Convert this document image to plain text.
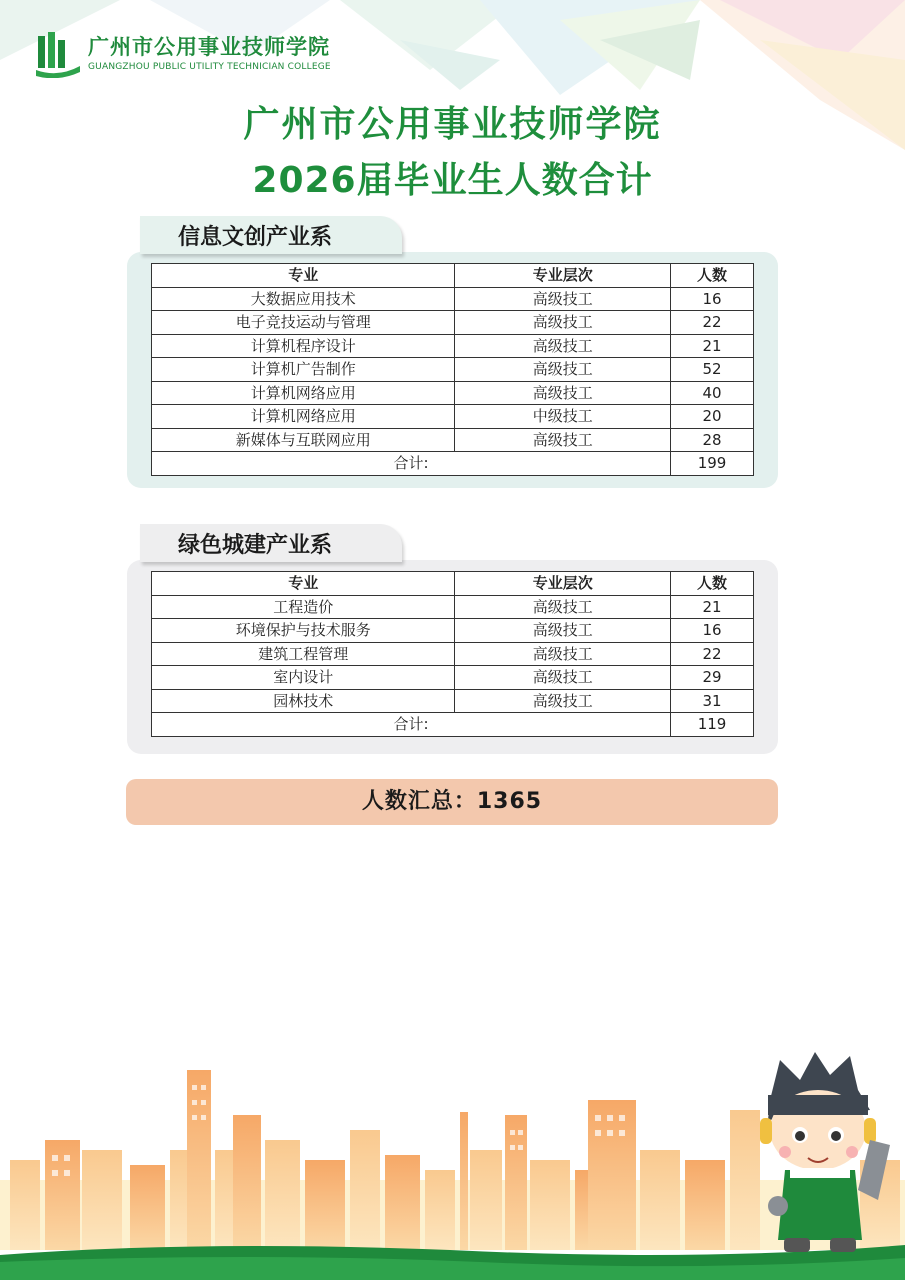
广州市公用事业技师学院
GUANGZHOU PUBLIC UTILITY TECHNICIAN COLLEGE
广州市公用事业技师学院
2026届毕业生人数合计
专业	专业层次	人数
大数据应用技术	高级技工	16
电子竞技运动与管理	高级技工	22
计算机程序设计	高级技工	21
计算机广告制作	高级技工	52
计算机网络应用	高级技工	40
计算机网络应用	中级技工	20
新媒体与互联网应用	高级技工	28
合计:		199
信息文创产业系
专业	专业层次	人数
工程造价	高级技工	21
环境保护与技术服务	高级技工	16
建筑工程管理	高级技工	22
室内设计	高级技工	29
园林技术	高级技工	31
合计:		119
绿色城建产业系
人数汇总：1365
